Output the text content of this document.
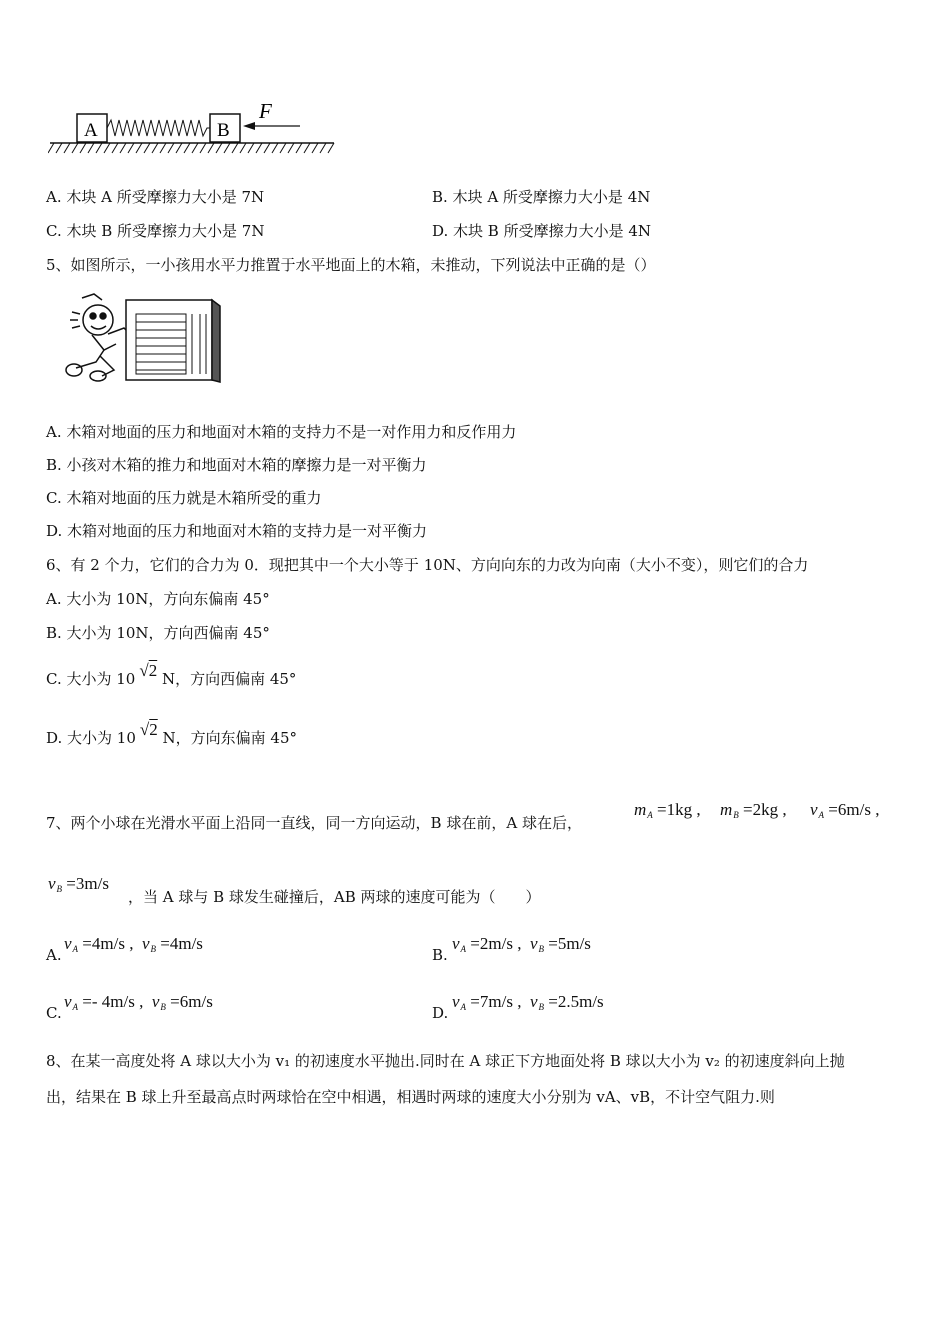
A	B
F
A. 木块 A 所受摩擦力大小是 7N	B. 木块 A 所受摩擦力大小是 4N
C. 木块 B 所受摩擦力大小是 7N	D. 木块 B 所受摩擦力大小是 4N
5、如图所示，一小孩用水平力推置于水平地面上的木箱，未推动，下列说法中正确的是（）
A. 木箱对地面的压力和地面对木箱的支持力不是一对作用力和反作用力
B. 小孩对木箱的推力和地面对木箱的摩擦力是一对平衡力
C. 木箱对地面的压力就是木箱所受的重力
D. 木箱对地面的压力和地面对木箱的支持力是一对平衡力
6、有 2 个力，它们的合力为 0．现把其中一个大小等于 10N、方向向东的力改为向南（大小不变），则它们的合力
A. 大小为 10N，方向东偏南 45°
B. 大小为 10N，方向西偏南 45°
C. 大小为 10 √2 N，方向西偏南 45°
D. 大小为 10 √2 N，方向东偏南 45°
7、两个小球在光滑水平面上沿同一直线，同一方向运动，B 球在前，A 球在后，
$m_A =1kg$ , $m_B =2kg$ , $v_A =6m/s$ ,
$v_B =3m/s$
，当 A 球与 B 球发生碰撞后，AB 两球的速度可能为（　　）
A.
$v_A =4m/s$ ,  $v_B =4m/s$
B.
$v_A =2m/s$ ,  $v_B =5m/s$
C.
$v_A =- 4m/s$ ,  $v_B =6m/s$
D.
$v_A =7m/s$ ,  $v_B =2.5m/s$
8、在某一高度处将 A 球以大小为 v₁ 的初速度水平抛出.同时在 A 球正下方地面处将 B 球以大小为 v₂ 的初速度斜向上抛
出，结果在 B 球上升至最高点时两球恰在空中相遇，相遇时两球的速度大小分别为 vA、vB，不计空气阻力.则
